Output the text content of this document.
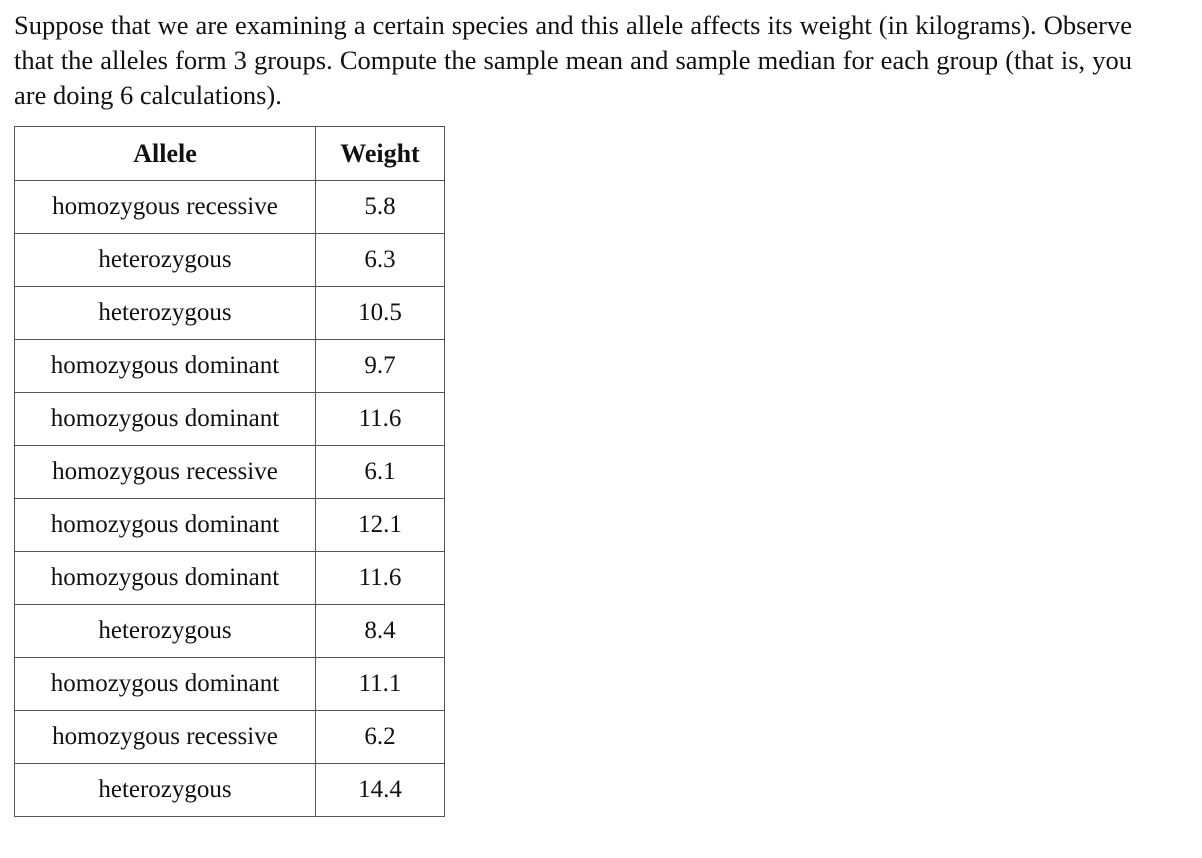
Suppose that we are examining a certain species and this allele affects its weight (in kilograms). Observe that the alleles form 3 groups. Compute the sample mean and sample median for each group (that is, you are doing 6 calculations).

Allele	Weight
homozygous recessive	5.8
heterozygous	6.3
heterozygous	10.5
homozygous dominant	9.7
homozygous dominant	11.6
homozygous recessive	6.1
homozygous dominant	12.1
homozygous dominant	11.6
heterozygous	8.4
homozygous dominant	11.1
homozygous recessive	6.2
heterozygous	14.4
